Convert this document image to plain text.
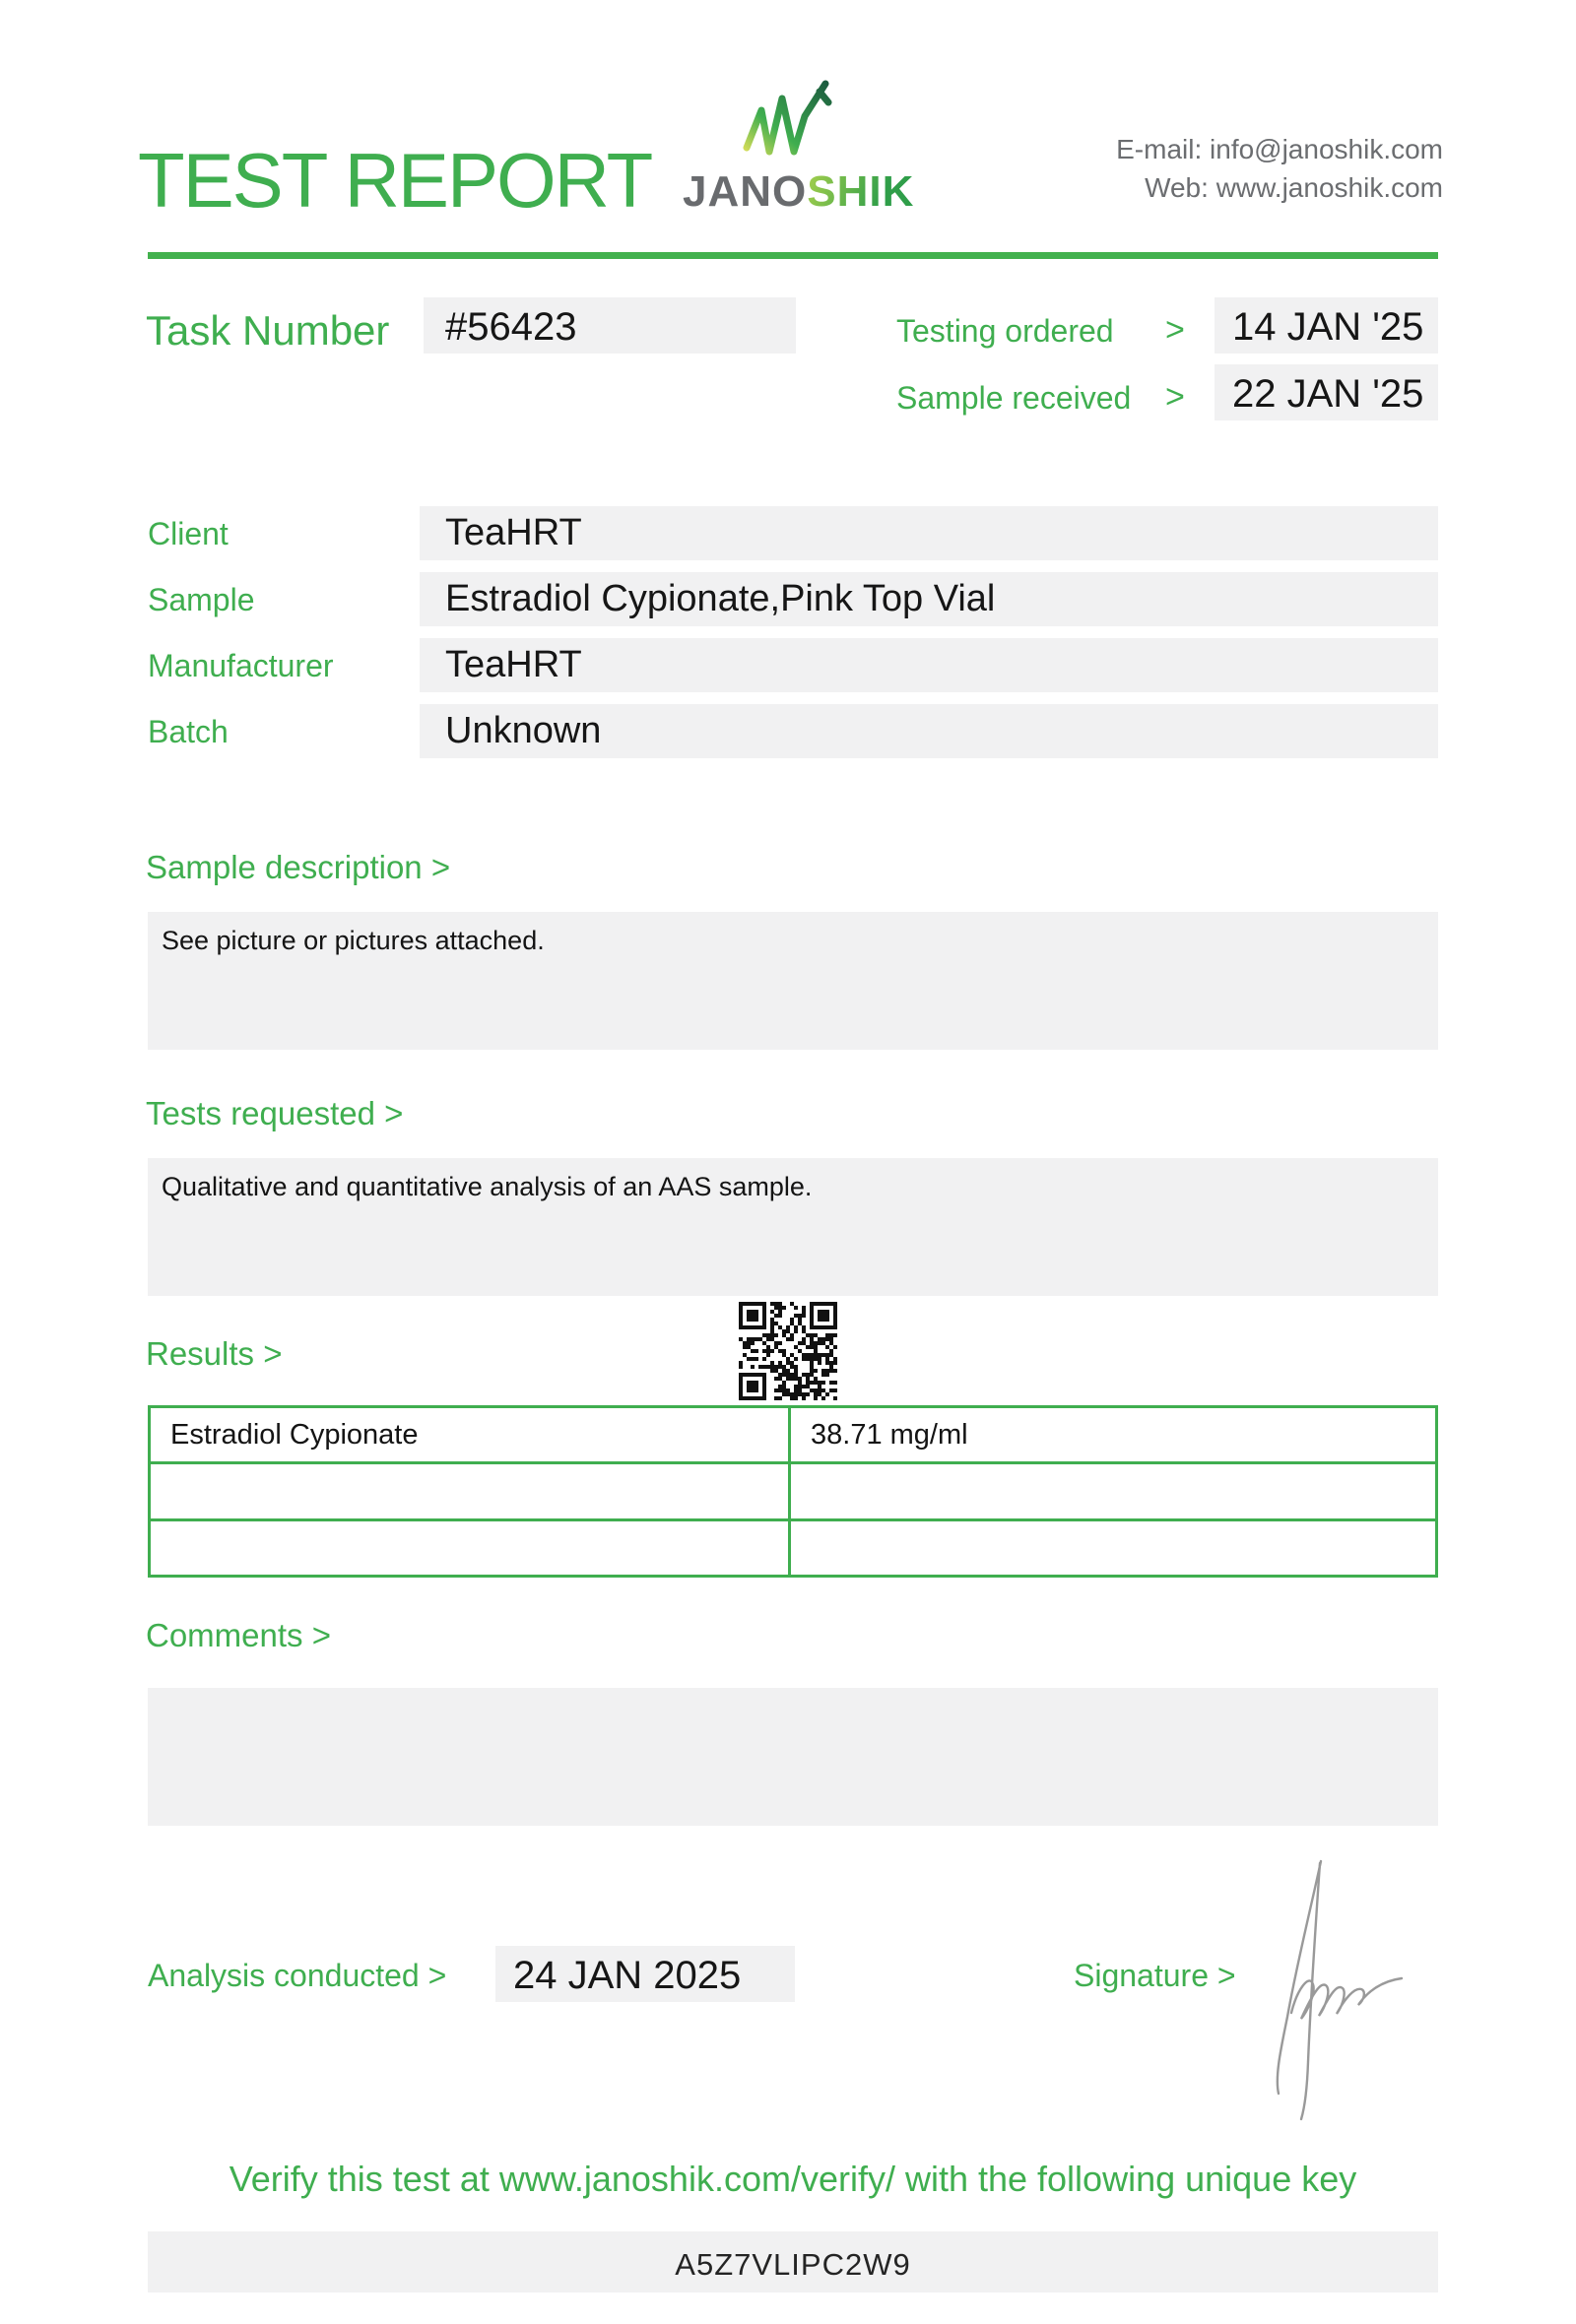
TEST REPORT JANOSHIK
E-mail: info@janoshik.com
Web: www.janoshik.com
Task Number #56423	Testing ordered > 14 JAN '25
Sample received > 22 JAN '25
Client	TeaHRT
Sample	Estradiol Cypionate,Pink Top Vial
Manufacturer	TeaHRT
Batch	Unknown
Sample description >
See picture or pictures attached.
Tests requested >
Qualitative and quantitative analysis of an AAS sample.
Results >
Estradiol Cypionate	38.71 mg/ml

Comments >
Analysis conducted > 24 JAN 2025	Signature >
Verify this test at www.janoshik.com/verify/ with the following unique key
A5Z7VLIPC2W9
